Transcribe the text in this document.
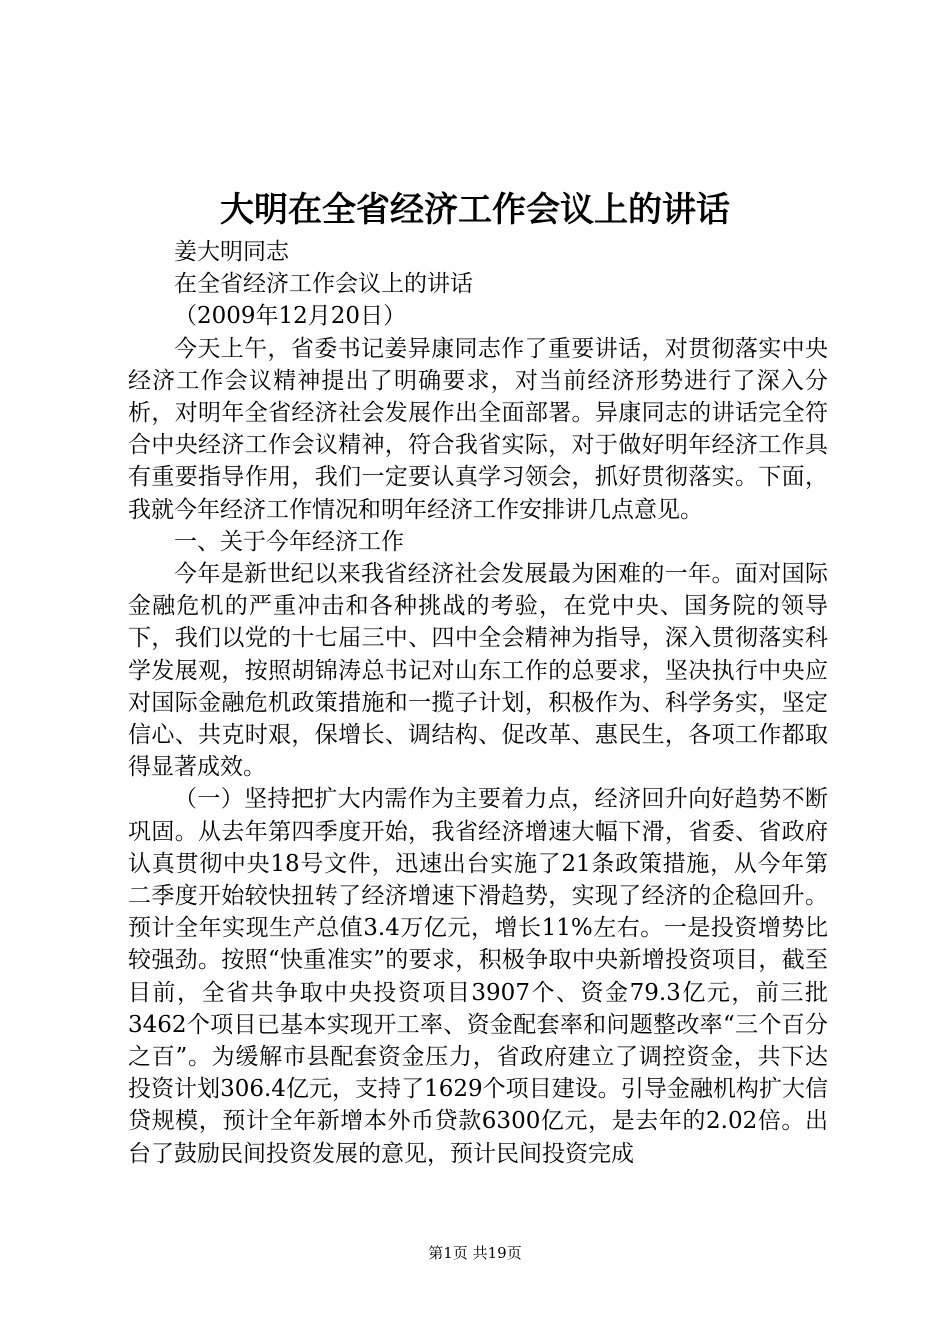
大明在全省经济工作会议上的讲话

姜大明同志

在全省经济工作会议上的讲话

（2009年12月20日）

今天上午，省委书记姜异康同志作了重要讲话，对贯彻落实中央经济工作会议精神提出了明确要求，对当前经济形势进行了深入分析，对明年全省经济社会发展作出全面部署。异康同志的讲话完全符合中央经济工作会议精神，符合我省实际，对于做好明年经济工作具有重要指导作用，我们一定要认真学习领会，抓好贯彻落实。下面，我就今年经济工作情况和明年经济工作安排讲几点意见。

一、关于今年经济工作

今年是新世纪以来我省经济社会发展最为困难的一年。面对国际金融危机的严重冲击和各种挑战的考验，在党中央、国务院的领导下，我们以党的十七届三中、四中全会精神为指导，深入贯彻落实科学发展观，按照胡锦涛总书记对山东工作的总要求，坚决执行中央应对国际金融危机政策措施和一揽子计划，积极作为、科学务实，坚定信心、共克时艰，保增长、调结构、促改革、惠民生，各项工作都取得显著成效。

（一）坚持把扩大内需作为主要着力点，经济回升向好趋势不断巩固。从去年第四季度开始，我省经济增速大幅下滑，省委、省政府认真贯彻中央18号文件，迅速出台实施了21条政策措施，从今年第二季度开始较快扭转了经济增速下滑趋势，实现了经济的企稳回升。预计全年实现生产总值3.4万亿元，增长11%左右。一是投资增势比较强劲。按照“快重准实”的要求，积极争取中央新增投资项目，截至目前，全省共争取中央投资项目3907个、资金79.3亿元，前三批3462个项目已基本实现开工率、资金配套率和问题整改率“三个百分之百”。为缓解市县配套资金压力，省政府建立了调控资金，共下达投资计划306.4亿元，支持了1629个项目建设。引导金融机构扩大信贷规模，预计全年新增本外币贷款6300亿元，是去年的2.02倍。出台了鼓励民间投资发展的意见，预计民间投资完成

第1页 共19页
